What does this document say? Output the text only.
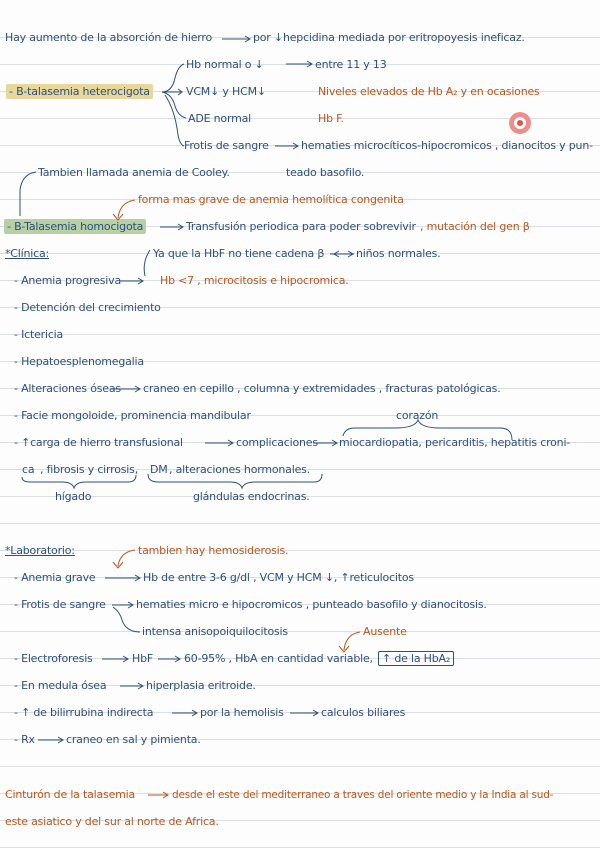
Hay aumento de la absorción de hierro	por ↓hepcidina mediada por eritropoyesis ineficaz.
Hb normal o ↓	entre 11 y 13
- B-talasemia heterocigota	VCM↓ y HCM↓	Niveles elevados de Hb A₂ y en ocasiones
ADE normal	Hb F.
Frotis de sangre	hematies microcíticos-hipocromicos , dianocitos y pun-
Tambien llamada anemia de Cooley.	teado basofilo.
forma mas grave de anemia hemolítica congenita
- B-Talasemia homocigota	Transfusión periodica para poder sobrevivir , mutación del gen β
*Clínica:	Ya que la HbF no tiene cadena β	niños normales.
- Anemia progresiva	Hb <7 , microcitosis e hipocromica.
- Detención del crecimiento
- Ictericia
- Hepatoesplenomegalia
- Alteraciones óseas craneo en cepillo , columna y extremidades , fracturas patológicas.
- Facie mongoloide, prominencia mandibular	corazón
- ↑carga de hierro transfusional	complicaciones miocardiopatia, pericarditis, hepatitis croni-
ca , fibrosis y cirrosis, DM , alteraciones hormonales.
hígado	glándulas endocrinas.
*Laboratorio:	tambien hay hemosiderosis.
- Anemia grave	Hb de entre 3-6 g/dl , VCM y HCM ↓, ↑reticulocitos
- Frotis de sangre	hematies micro e hipocromicos , punteado basofilo y dianocitosis.
intensa anisopoiquilocitosis	Ausente
- Electroforesis	HbF	60-95% , HbA en cantidad variable, ↑ de la HbA₂
- En medula ósea	hiperplasia eritroide.
- ↑ de bilirrubina indirecta	por la hemolisis	calculos biliares
- Rx	craneo en sal y pimienta.
Cinturón de la talasemia	desde el este del mediterraneo a traves del oriente medio y la India al sud-
este asiatico y del sur al norte de Africa.
